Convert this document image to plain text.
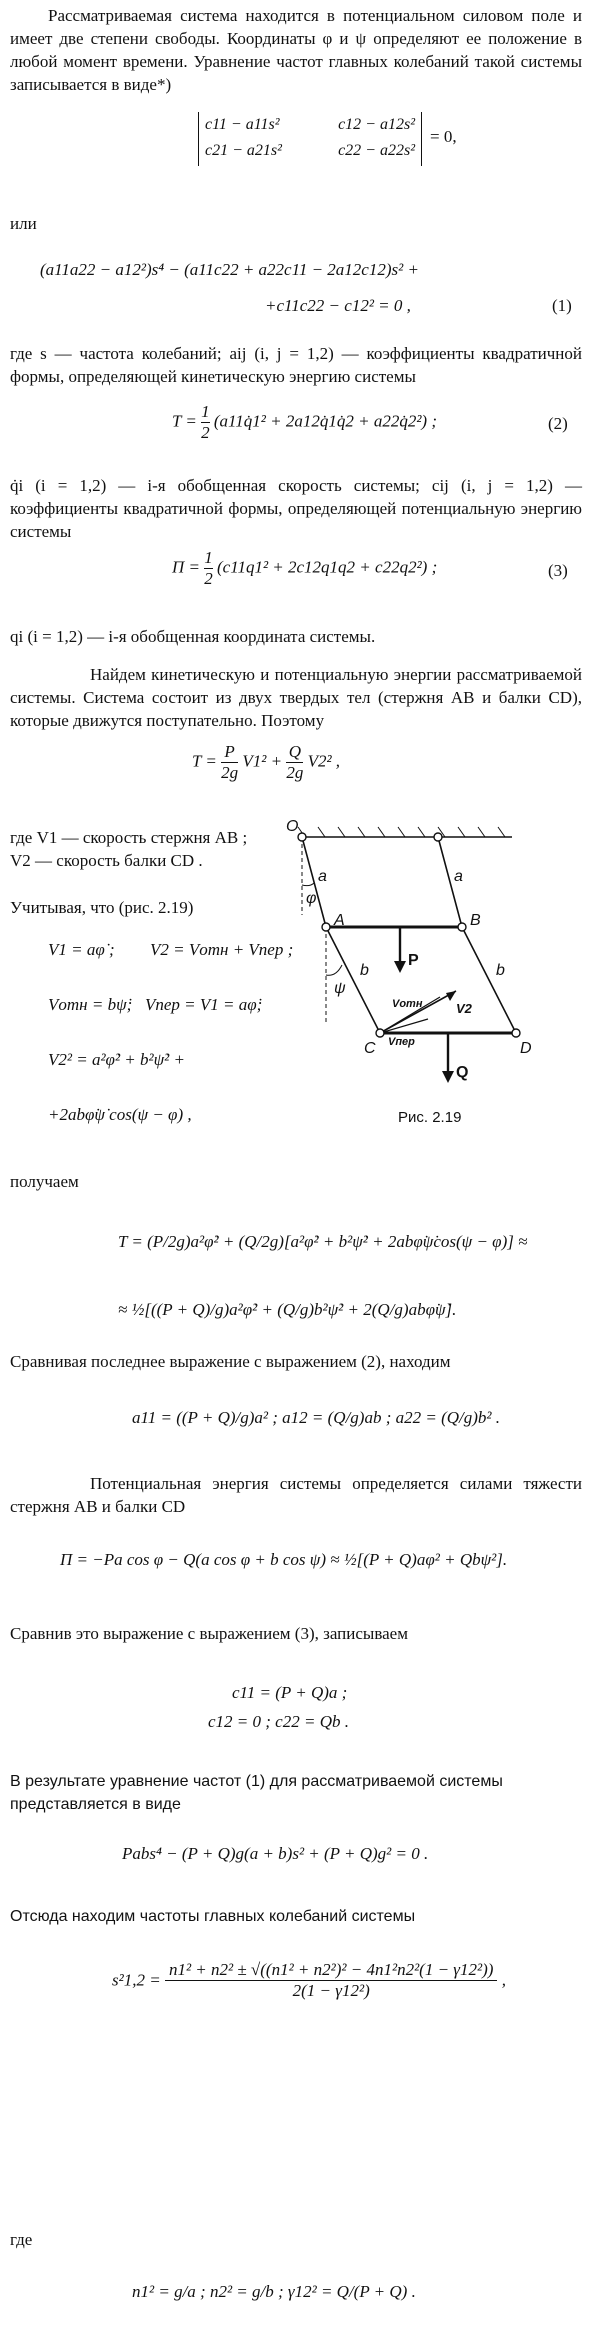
Рассматриваемая система находится в потенциальном силовом поле и имеет две степени свободы. Координаты φ и ψ определяют ее положение в любой момент времени. Уравнение частот главных колебаний такой системы записывается в виде*)
c11 − a11s²	c12 − a12s²
c21 − a21s²	c22 − a22s²
= 0,
или
(a11a22 − a12²)s⁴ − (a11c22 + a22c11 − 2a12c12)s² +
+c11c22 − c12² = 0 ,	(1)
где s — частота колебаний; aij (i, j = 1,2) — коэффициенты квадратичной формы, определяющей кинетическую энергию системы
$T = \frac{1}{2}$ (a11q̇1² + 2a12q̇1q̇2 + a22q̇2²) ;	(2)
q̇i (i = 1,2) — i-я обобщенная скорость системы; cij (i, j = 1,2) — коэффициенты квадратичной формы, определяющей потенциальную энергию системы
$П = \frac{1}{2} (c11q1^2 + 2c12q1q2 + c22q2^2)$ ;	(3)
qi (i = 1,2) — i-я обобщенная координата системы.
Найдем кинетическую и потенциальную энергии рассматриваемой системы. Система состоит из двух твердых тел (стержня AB и балки CD), которые движутся поступательно. Поэтому
$T = \frac{P}{2g} V1^2 + \frac{Q}{2g} V2^2$ ,
где V1 — скорость стержня AB ; V2 — скорость балки CD .
Учитывая, что (рис. 2.19)
V1 = aφ̇ ; V2 = Vотн + Vпер ;
Vотн = bψ̇; Vпер = V1 = aφ̇;
V2² = a²φ̇² + b²ψ̇² +
+2abφ̇ψ̇ cos(ψ − φ) ,
O
A	B
C	D
a	a
b	b
φ
ψ
P
Q
Vотн
Vпер
V2
Рис. 2.19
получаем
T = (P/2g)a²φ̇² + (Q/2g)[a²φ̇² + b²ψ̇² + 2abφ̇ψ̇cos(ψ − φ)] ≈
≈ ½[((P + Q)/g)a²φ̇² + (Q/g)b²ψ̇² + 2(Q/g)abφ̇ψ̇].
Сравнивая последнее выражение с выражением (2), находим
a11 = ((P + Q)/g)a² ; a12 = (Q/g)ab ; a22 = (Q/g)b² .
Потенциальная энергия системы определяется силами тяжести стержня AB и балки CD
П = −Pa cos φ − Q(a cos φ + b cos ψ) ≈ ½[(P + Q)aφ² + Qbψ²].
Сравнив это выражение с выражением (3), записываем
c11 = (P + Q)a ;
c12 = 0 ; c22 = Qb .
В результате уравнение частот (1) для рассматриваемой системы представляется в виде
Pabs⁴ − (P + Q)g(a + b)s² + (P + Q)g² = 0 .
Отсюда находим частоты главных колебаний системы
$s^21,2 = \frac{\text{n1² + n2² ± √((n1² + n2²)² − 4n1²n2²(1 − γ12²))}}{\text{2(1 − γ12²)}}$ ,
где
n1² = g/a ; n2² = g/b ; γ12² = Q/(P + Q) .
